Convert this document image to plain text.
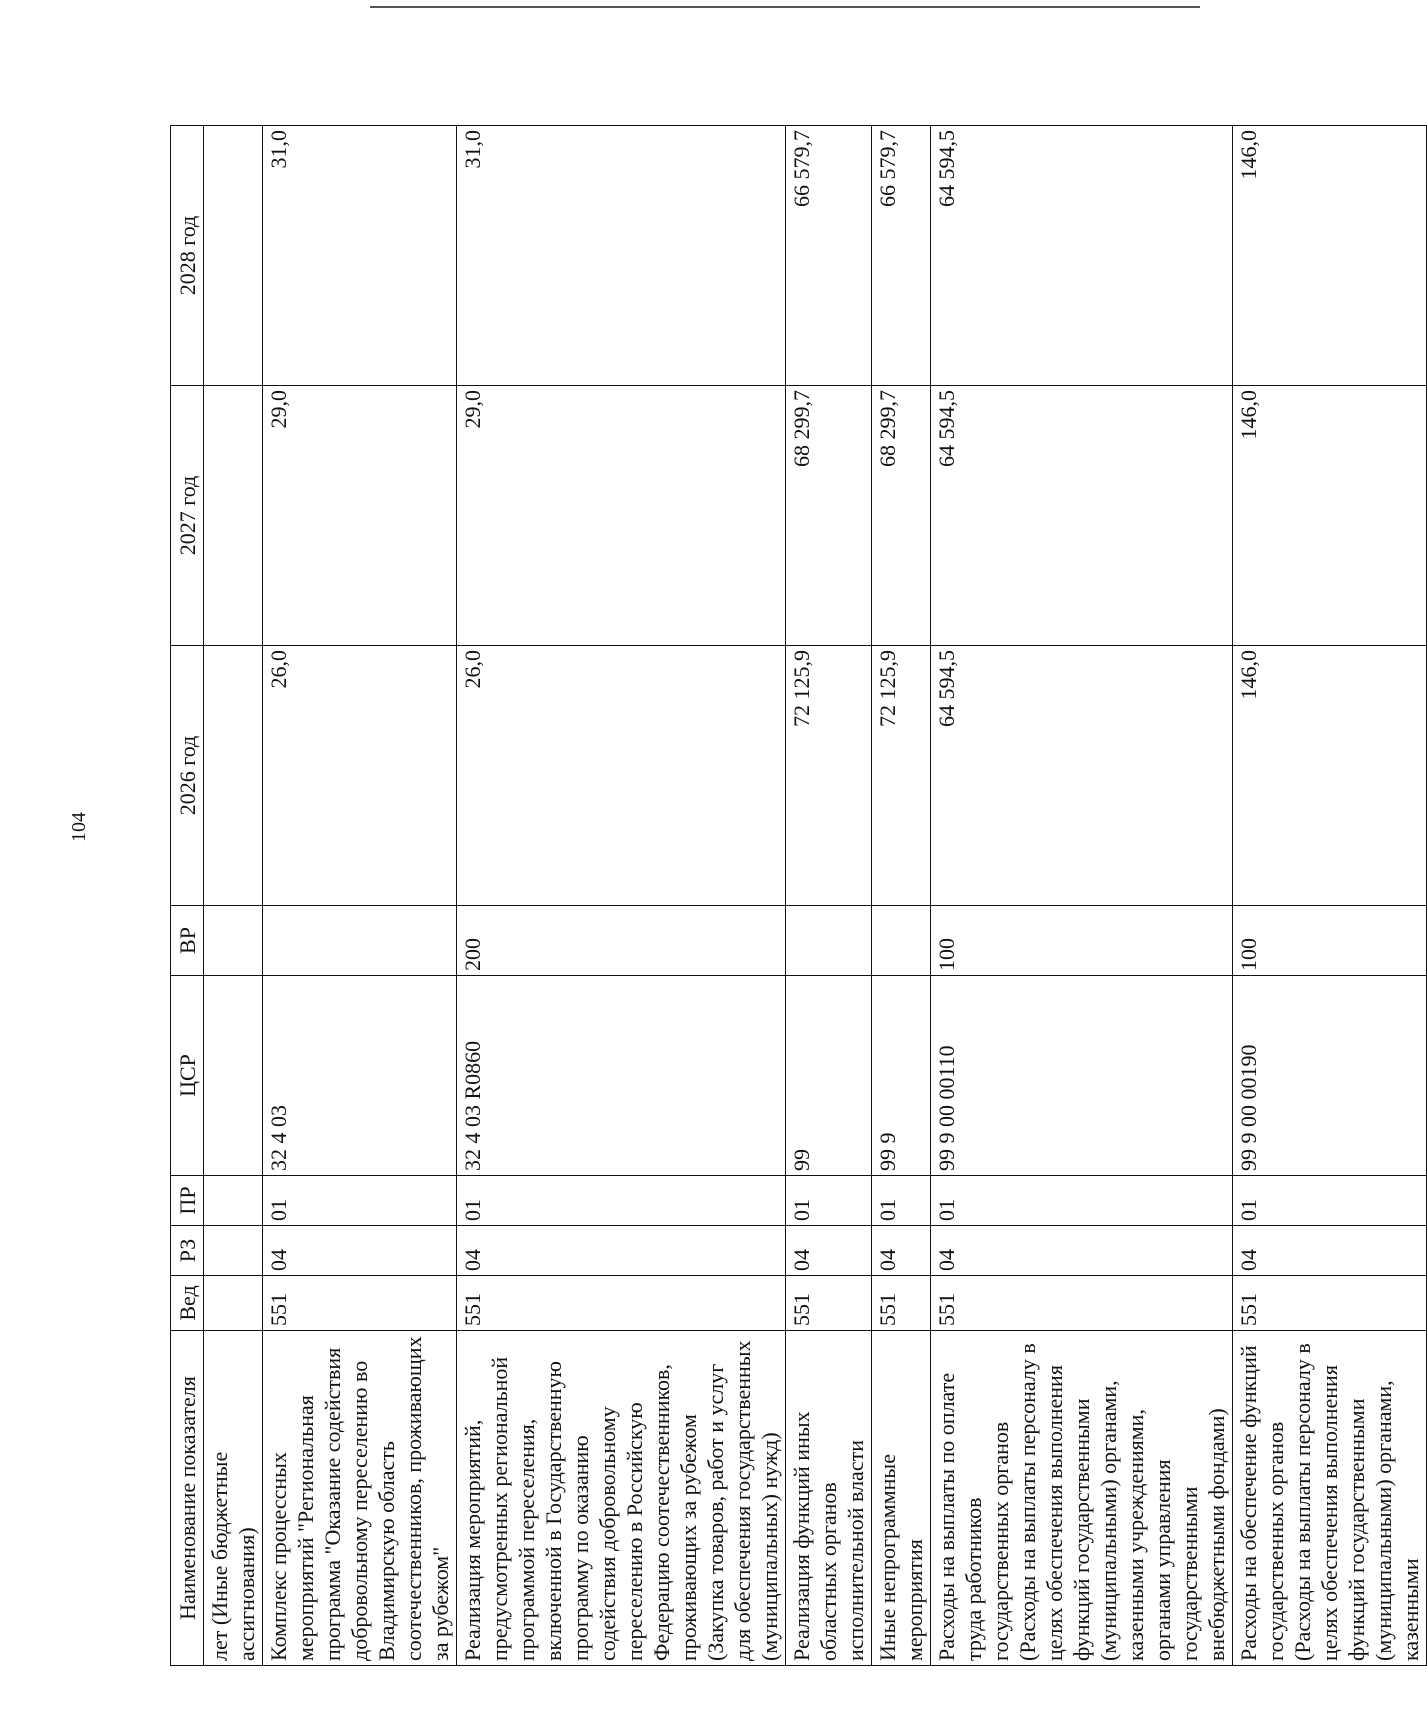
104
Наименование показателя	Вед	РЗ	ПР	ЦСР	ВР	2026 год	2027 год	2028 год
лет (Иные бюджетные ассигнования)								
Комплекс процессных мероприятий "Региональная программа "Оказание содействия добровольному переселению во Владимирскую область соотечественников, проживающих за рубежом"	551	04	01	32 4 03		26,0	29,0	31,0
Реализация мероприятий, предусмотренных региональной программой переселения, включенной в Государственную программу по оказанию содействия добровольному переселению в Российскую Федерацию соотечественников, проживающих за рубежом (Закупка товаров, работ и услуг для обеспечения государственных (муниципальных) нужд)	551	04	01	32 4 03 R0860	200	26,0	29,0	31,0
Реализация функций иных областных органов исполнительной власти	551	04	01	99		72 125,9	68 299,7	66 579,7
Иные непрограммные мероприятия	551	04	01	99 9		72 125,9	68 299,7	66 579,7
Расходы на выплаты по оплате труда работников государственных органов (Расходы на выплаты персоналу в целях обеспечения выполнения функций государственными (муниципальными) органами, казенными учреждениями, органами управления государственными внебюджетными фондами)	551	04	01	99 9 00 00110	100	64 594,5	64 594,5	64 594,5
Расходы на обеспечение функций государственных органов (Расходы на выплаты персоналу в целях обеспечения выполнения функций государственными (муниципальными) органами, казенными	551	04	01	99 9 00 00190	100	146,0	146,0	146,0
